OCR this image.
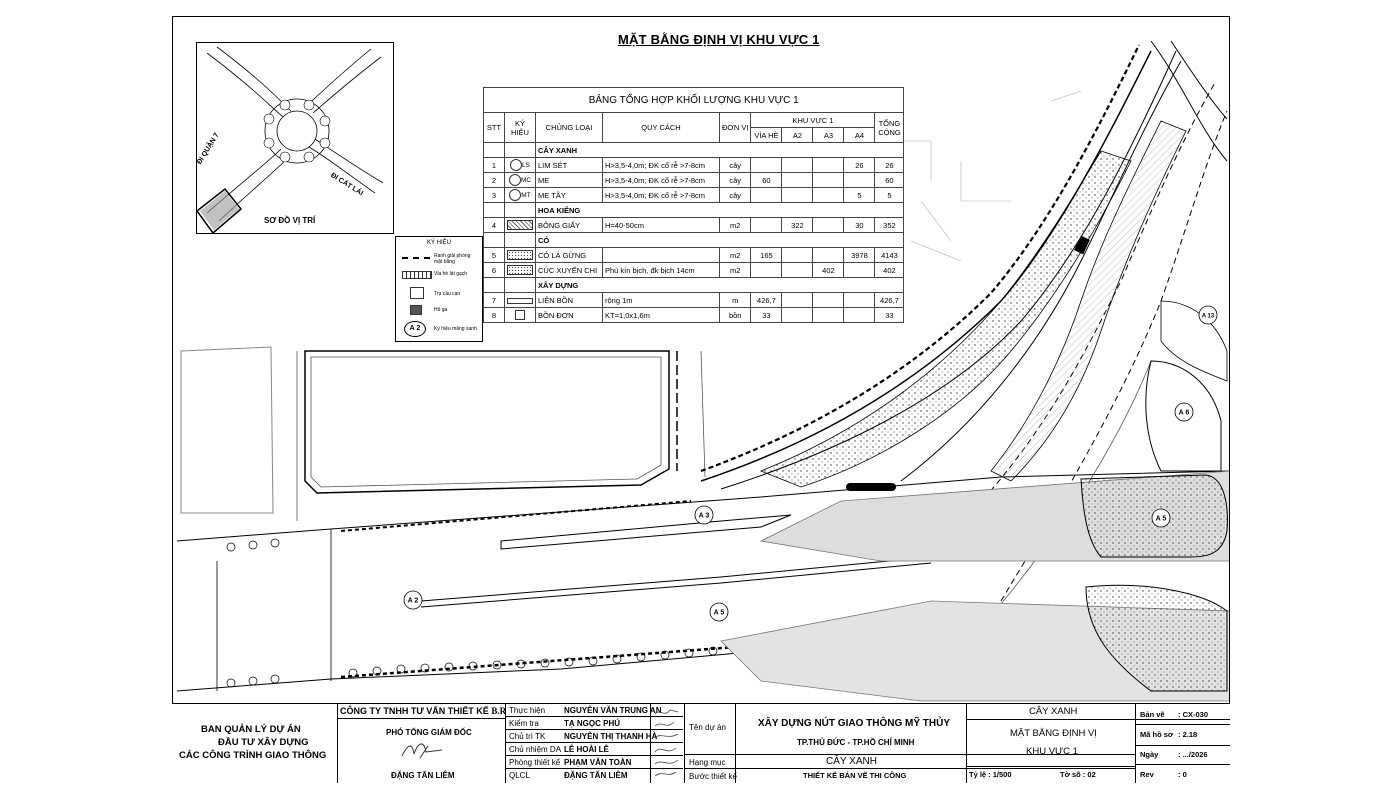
A 2
A 3
A 5
A 6
A 13
A 5
ĐI QUẬN 7
ĐI CÁT LÁI
SƠ ĐỒ VỊ TRÍ
KÝ HIỆU
Ranh giải phóng mặt bằng
Vỉa hè lát gạch
Trụ cầu cạn
Hố ga
A 2	Ký hiệu mảng xanh
MẶT BẰNG ĐỊNH VỊ KHU VỰC 1
BẢNG TỔNG HỢP KHỐI LƯỢNG KHU VỰC 1									
STT	KÝ HIỆU	CHỦNG LOẠI	QUY CÁCH	ĐƠN VỊ	KHU VỰC 1				TỔNG CỘNG
					VỈA HÈ	A2	A3	A4	
		CÂY XANH							
1	LS	LIM SÉT	H>3,5-4,0m; ĐK cổ rễ >7-8cm	cây				26	26
2	MC	ME	H>3,5-4,0m; ĐK cổ rễ >7-8cm	cây	60				60
3	MT	ME TÂY	H>3,5-4,0m; ĐK cổ rễ >7-8cm	cây				5	5
		HOA KIỂNG							
4		BÔNG GIẤY	H=40-50cm	m2		322		30	352
		CỎ							
5		CỎ LÁ GỪNG		m2	165			3978	4143
6		CÚC XUYẾN CHI	Phủ kín bịch, đk bịch 14cm	m2			402		402
		XÂY DỰNG							
7		LIÊN BỒN	rộng 1m	m	426,7				426,7
8		BỒN ĐƠN	KT=1,0x1,6m	bồn	33				33
BAN QUẢN LÝ DỰ ÁN
ĐẦU TƯ XÂY DỰNG
CÁC CÔNG TRÌNH GIAO THÔNG
CÔNG TY TNHH TƯ VẤN THIẾT KẾ B.R
PHÓ TỔNG GIÁM ĐỐC
ĐẶNG TẤN LIÊM
Thực hiện NGUYỄN VĂN TRUNG AN
Kiểm tra	TẠ NGỌC PHÚ
Chủ trì TK NGUYỄN THỊ THANH HÀ
Chủ nhiệm DA LÊ HOÀI LÊ
Phòng thiết kế PHẠM VĂN TOÀN
QLCL	ĐẶNG TẤN LIÊM
Tên dự án	XÂY DỰNG NÚT GIAO THÔNG MỸ THỦY
TP.THỦ ĐỨC - TP.HỒ CHÍ MINH
Hạng mục	CÂY XANH
Bước thiết kế	THIẾT KẾ BẢN VẼ THI CÔNG
CÂY XANH
MẶT BẰNG ĐỊNH VỊ
KHU VỰC 1
Tỷ lệ : 1/500	Tờ số : 02
Bản vẽ : CX-030
Mã hồ sơ : 2.18
Ngày	: .../2026
Rev	: 0
